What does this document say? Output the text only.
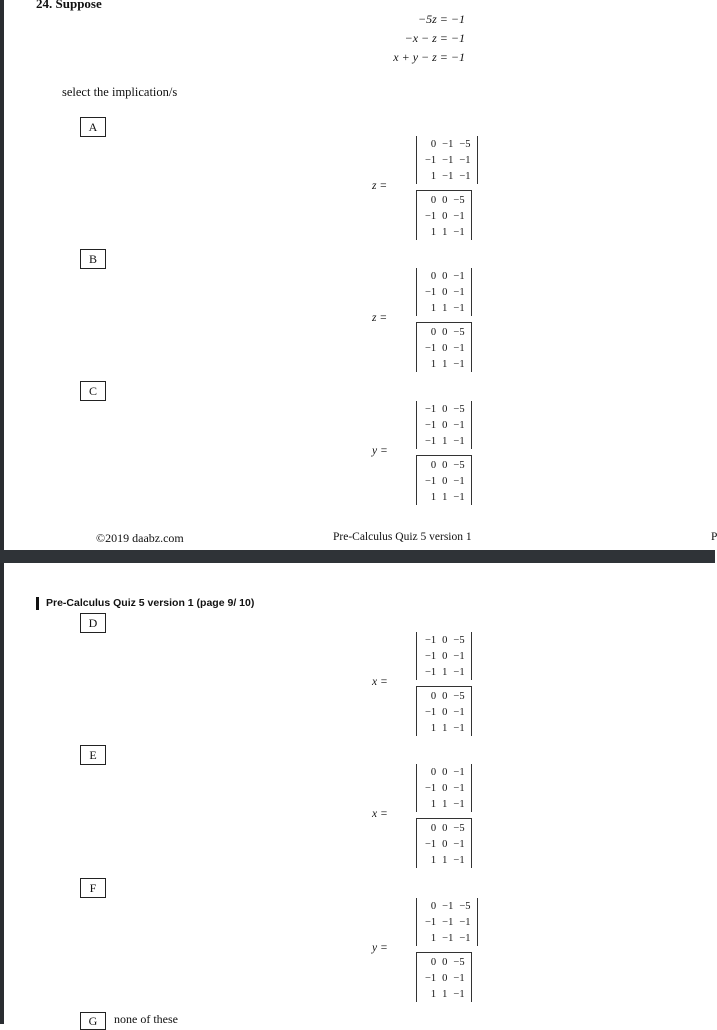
24. Suppose
−5z = −1
−x − z = −1
x + y − z = −1
select the implication/s
©2019 daabz.com	Pre-Calculus Quiz 5 version 1	P
Pre-Calculus Quiz 5 version 1 (page 9/ 10)
A
z =
0	−1	−5
−1	−1	−1
1	−1	−1
0	0	−5
−1	0	−1
1	1	−1
B
z =
0	0	−1
−1	0	−1
1	1	−1
0	0	−5
−1	0	−1
1	1	−1
C
y =
−1	0	−5
−1	0	−1
−1	1	−1
0	0	−5
−1	0	−1
1	1	−1
D
x =
−1	0	−5
−1	0	−1
−1	1	−1
0	0	−5
−1	0	−1
1	1	−1
E
x =
0	0	−1
−1	0	−1
1	1	−1
0	0	−5
−1	0	−1
1	1	−1
F
y =
0	−1	−5
−1	−1	−1
1	−1	−1
0	0	−5
−1	0	−1
1	1	−1
G	none of these
